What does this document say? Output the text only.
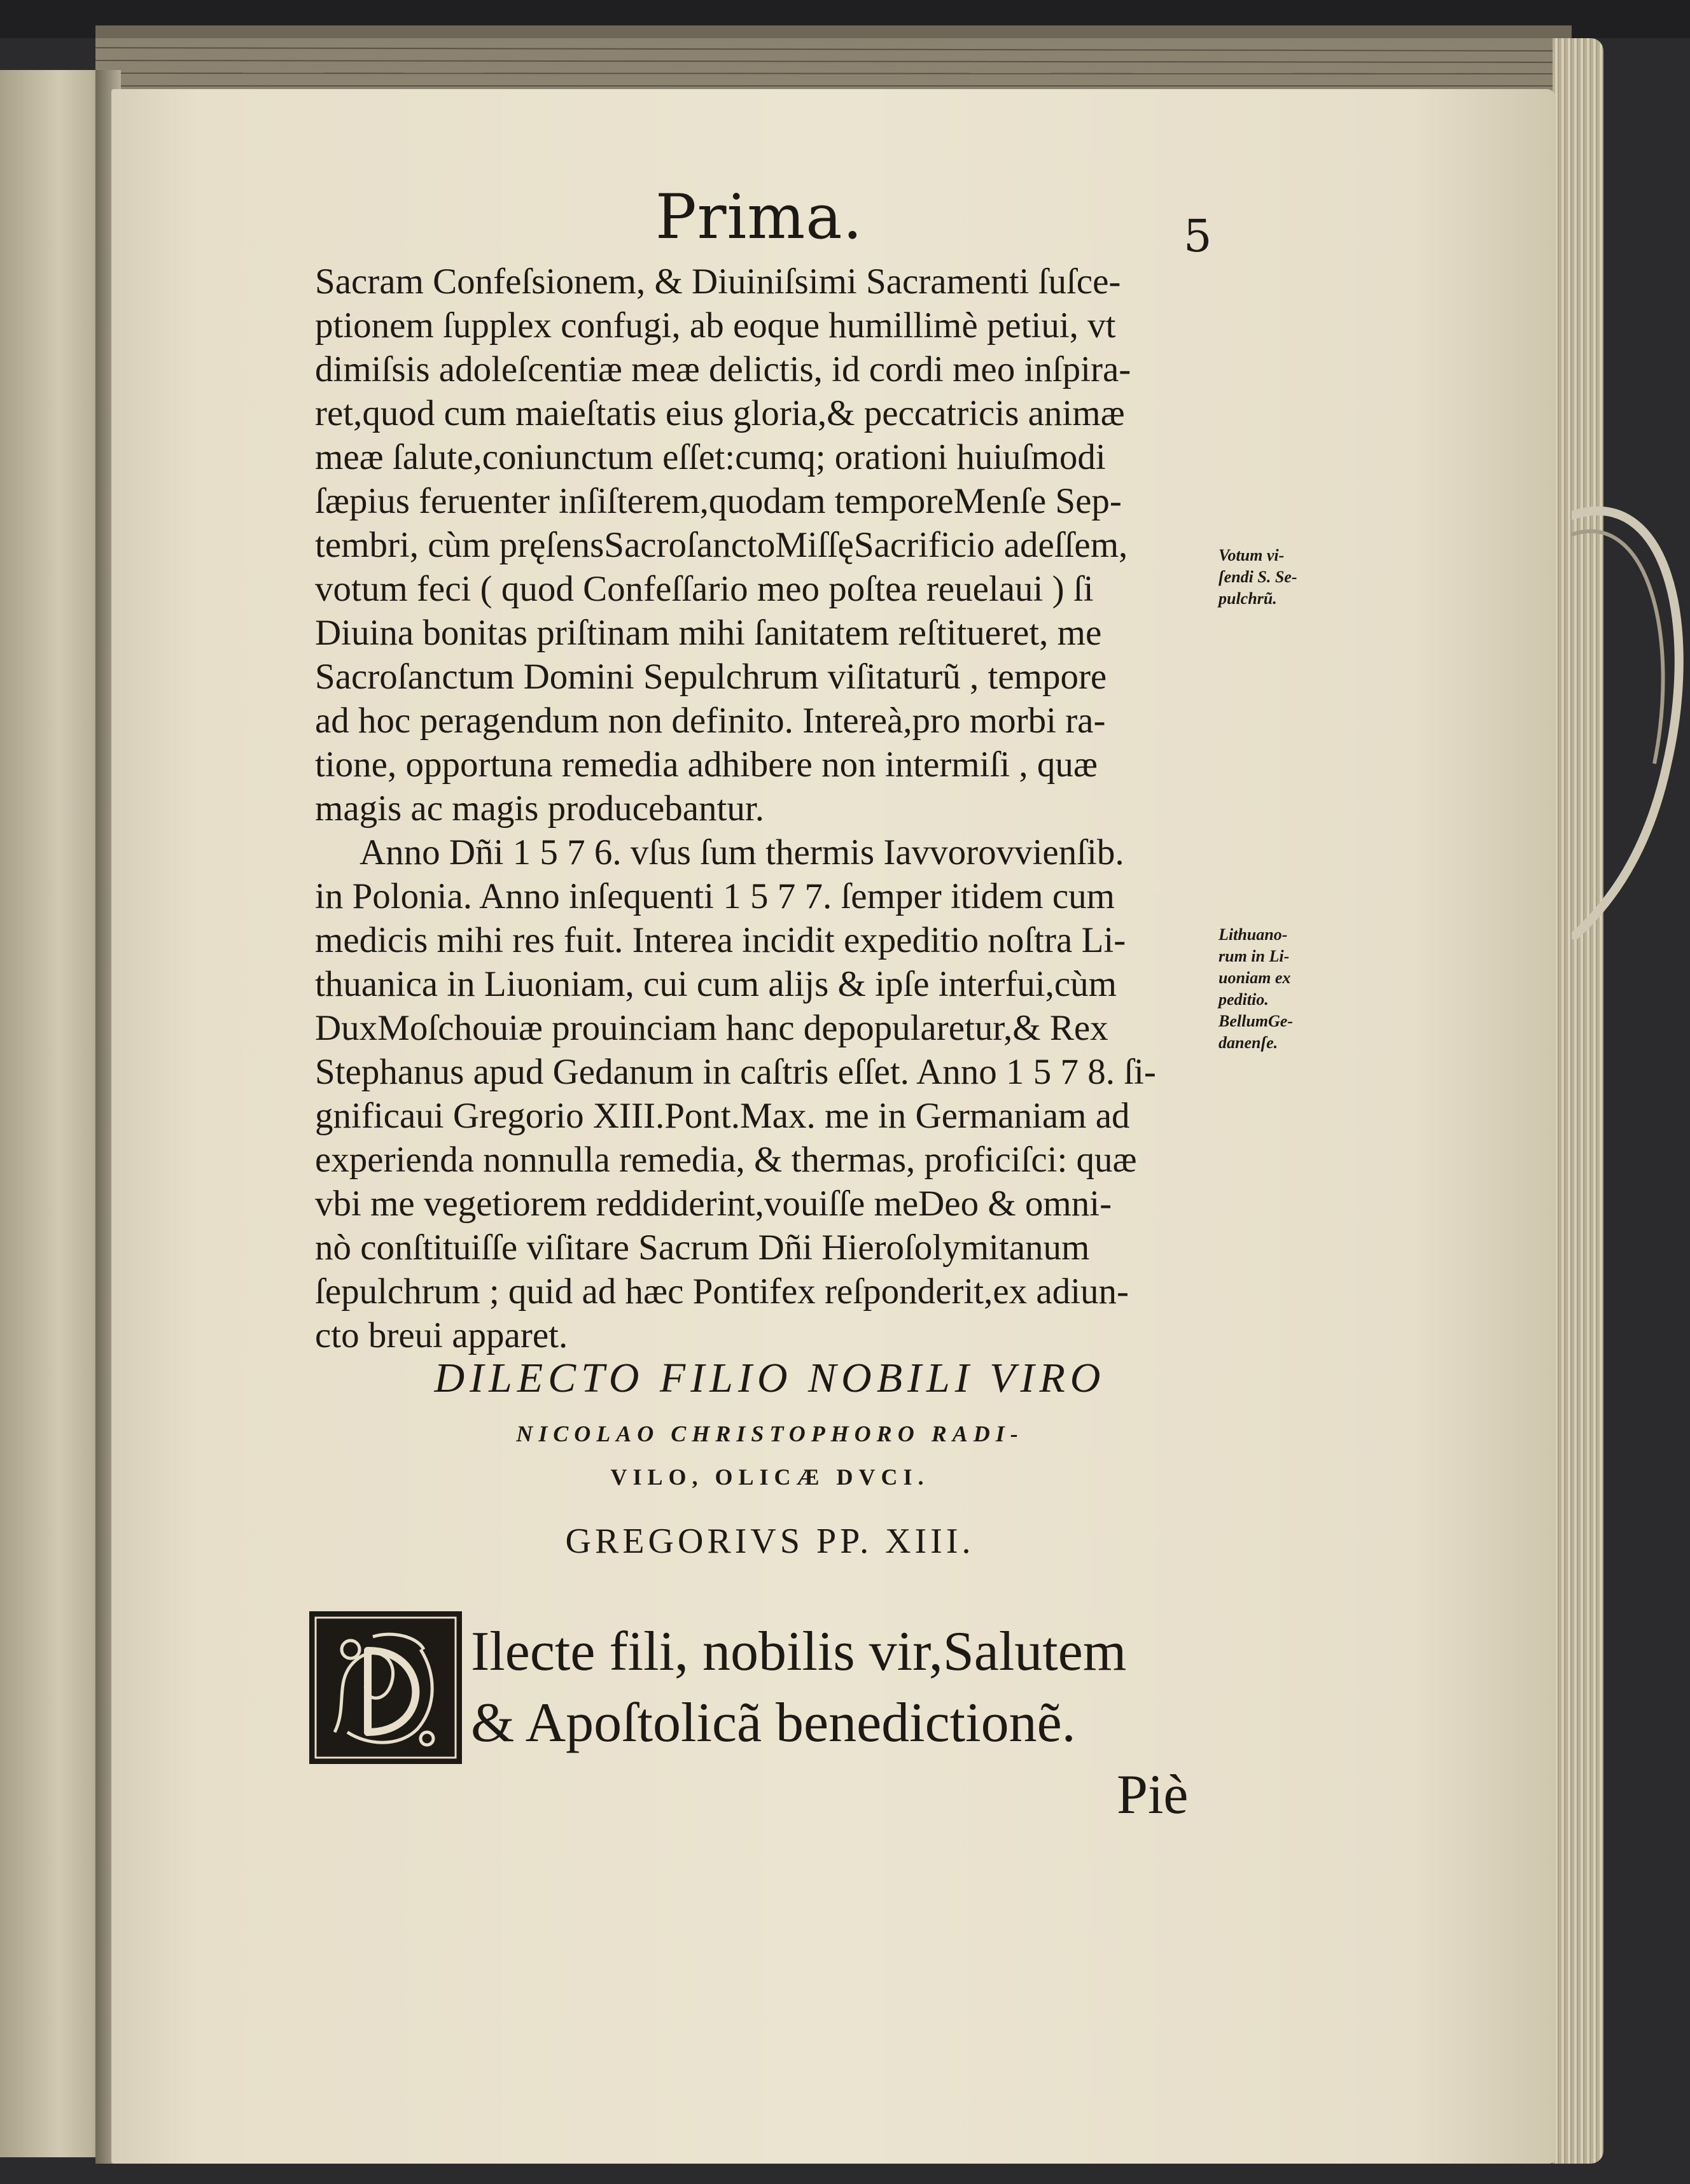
Prima.	5
Sacram Confeſsionem, & Diuiniſsimi Sacramenti ſuſce-
ptionem ſupplex confugi, ab eoque humillimè petiui, vt
dimiſsis adoleſcentiæ meæ delictis, id cordi meo inſpira-
ret,quod cum maieſtatis eius gloria,& peccatricis animæ
meæ ſalute,coniunctum eſſet:cumq; orationi huiuſmodi
ſæpius feruenter inſiſterem,quodam temporeMenſe Sep-
tembri, cùm pręſensSacroſanctoMiſſęSacrificio adeſſem,
votum feci ( quod Confeſſario meo poſtea reuelaui ) ſi
Diuina bonitas priſtinam mihi ſanitatem reſtitueret, me
Sacroſanctum Domini Sepulchrum viſitaturũ , tempore
ad hoc peragendum non definito. Intereà,pro morbi ra-
tione, opportuna remedia adhibere non intermiſi , quæ
magis ac magis producebantur.
Anno Dñi 1 5 7 6. vſus ſum thermis Iavvorovvienſib.
in Polonia. Anno inſequenti 1 5 7 7. ſemper itidem cum
medicis mihi res fuit. Interea incidit expeditio noſtra Li-
thuanica in Liuoniam, cui cum alijs & ipſe interfui,cùm
DuxMoſchouiæ prouinciam hanc depopularetur,& Rex
Stephanus apud Gedanum in caſtris eſſet. Anno 1 5 7 8. ſi-
gnificaui Gregorio XIII.Pont.Max. me in Germaniam ad
experienda nonnulla remedia, & thermas, proficiſci: quæ
vbi me vegetiorem reddiderint,vouiſſe meDeo & omni-
nò conſtituiſſe viſitare Sacrum Dñi Hieroſolymitanum
ſepulchrum ; quid ad hæc Pontifex reſponderit,ex adiun-
cto breui apparet.
Votum vi-
ſendi S. Se-
pulchrũ.
Lithuano-
rum in Li-
uoniam ex
peditio.
BellumGe-
danenſe.
DILECTO FILIO NOBILI VIRO
NICOLAO CHRISTOPHORO RADI-
VILO, OLICÆ DVCI.
GREGORIVS PP. XIII.
Ilecte fili, nobilis vir,Salutem
& Apoſtolicã benedictionẽ.
Piè
